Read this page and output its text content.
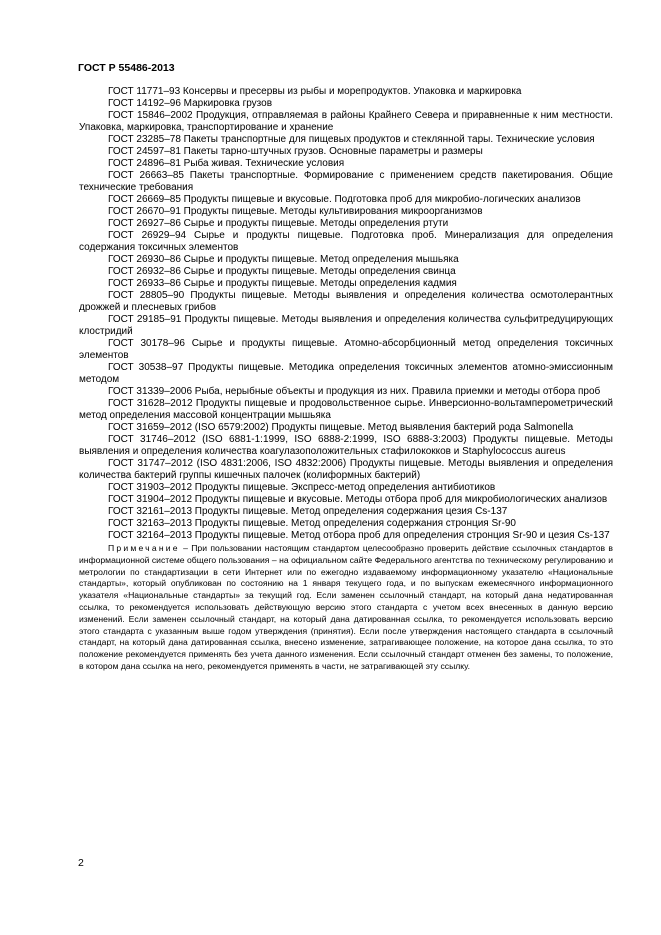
ГОСТ Р 55486-2013

ГОСТ 11771–93 Консервы и пресервы из рыбы и морепродуктов. Упаковка и маркировка

ГОСТ 14192–96 Маркировка грузов

ГОСТ 15846–2002 Продукция, отправляемая в районы Крайнего Севера и приравненные к ним местности. Упаковка, маркировка, транспортирование и хранение

ГОСТ 23285–78 Пакеты транспортные для пищевых продуктов и стеклянной тары. Технические условия

ГОСТ 24597–81 Пакеты тарно-штучных грузов. Основные параметры и размеры

ГОСТ 24896–81 Рыба живая. Технические условия

ГОСТ 26663–85 Пакеты транспортные. Формирование с применением средств пакетирования. Общие технические требования

ГОСТ 26669–85 Продукты пищевые и вкусовые. Подготовка проб для микробио-логических анализов

ГОСТ 26670–91 Продукты пищевые. Методы культивирования микроорганизмов

ГОСТ 26927–86 Сырье и продукты пищевые. Методы определения ртути

ГОСТ 26929–94 Сырье и продукты пищевые. Подготовка проб. Минерализация для определения содержания токсичных элементов

ГОСТ 26930–86 Сырье и продукты пищевые. Метод определения мышьяка

ГОСТ 26932–86 Сырье и продукты пищевые. Методы определения свинца

ГОСТ 26933–86 Сырье и продукты пищевые. Методы определения кадмия

ГОСТ 28805–90 Продукты пищевые. Методы выявления и определения количества осмотолерантных дрожжей и плесневых грибов

ГОСТ 29185–91 Продукты пищевые. Методы выявления и определения количества сульфитредуцирующих клостридий

ГОСТ 30178–96 Сырье и продукты пищевые. Атомно-абсорбционный метод определения токсичных элементов

ГОСТ 30538–97 Продукты пищевые. Методика определения токсичных элементов атомно-эмиссионным методом

ГОСТ 31339–2006 Рыба, нерыбные объекты и продукция из них. Правила приемки и методы отбора проб

ГОСТ 31628–2012 Продукты пищевые и продовольственное сырье. Инверсионно-вольтамперометрический метод определения массовой концентрации мышьяка

ГОСТ 31659–2012 (ISO 6579:2002) Продукты пищевые. Метод выявления бактерий рода Salmonella

ГОСТ 31746–2012 (ISO 6881-1:1999, ISO 6888-2:1999, ISO 6888-3:2003) Продукты пищевые. Методы выявления и определения количества коагулазоположительных стафилококков и Staphylococcus aureus

ГОСТ 31747–2012 (ISO 4831:2006, ISO 4832:2006) Продукты пищевые. Методы выявления и определения количества бактерий группы кишечных палочек (колиформных бактерий)

ГОСТ 31903–2012 Продукты пищевые. Экспресс-метод определения антибиотиков

ГОСТ 31904–2012 Продукты пищевые и вкусовые. Методы отбора проб для микробиологических анализов

ГОСТ 32161–2013 Продукты пищевые. Метод определения содержания цезия Cs-137

ГОСТ 32163–2013 Продукты пищевые. Метод определения содержания стронция Sr-90

ГОСТ 32164–2013 Продукты пищевые. Метод отбора проб для определения стронция Sr-90 и цезия Cs-137

Примечание – При пользовании настоящим стандартом целесообразно проверить действие ссылочных стандартов в информационной системе общего пользования – на официальном сайте Федерального агентства по техническому регулированию и метрологии по стандартизации в сети Интернет или по ежегодно издаваемому информационному указателю «Национальные стандарты», который опубликован по состоянию на 1 января текущего года, и по выпускам ежемесячного информационного указателя «Национальные стандарты» за текущий год. Если заменен ссылочный стандарт, на который дана недатированная ссылка, то рекомендуется использовать действующую версию этого стандарта с учетом всех внесенных в данную версию изменений. Если заменен ссылочный стандарт, на который дана датированная ссылка, то рекомендуется использовать версию этого стандарта с указанным выше годом утверждения (принятия). Если после утверждения настоящего стандарта в ссылочный стандарт, на который дана датированная ссылка, внесено изменение, затрагивающее положение, на которое дана ссылка, то это положение рекомендуется применять без учета данного изменения. Если ссылочный стандарт отменен без замены, то положение, в котором дана ссылка на него, рекомендуется применять в части, не затрагивающей эту ссылку.

2
